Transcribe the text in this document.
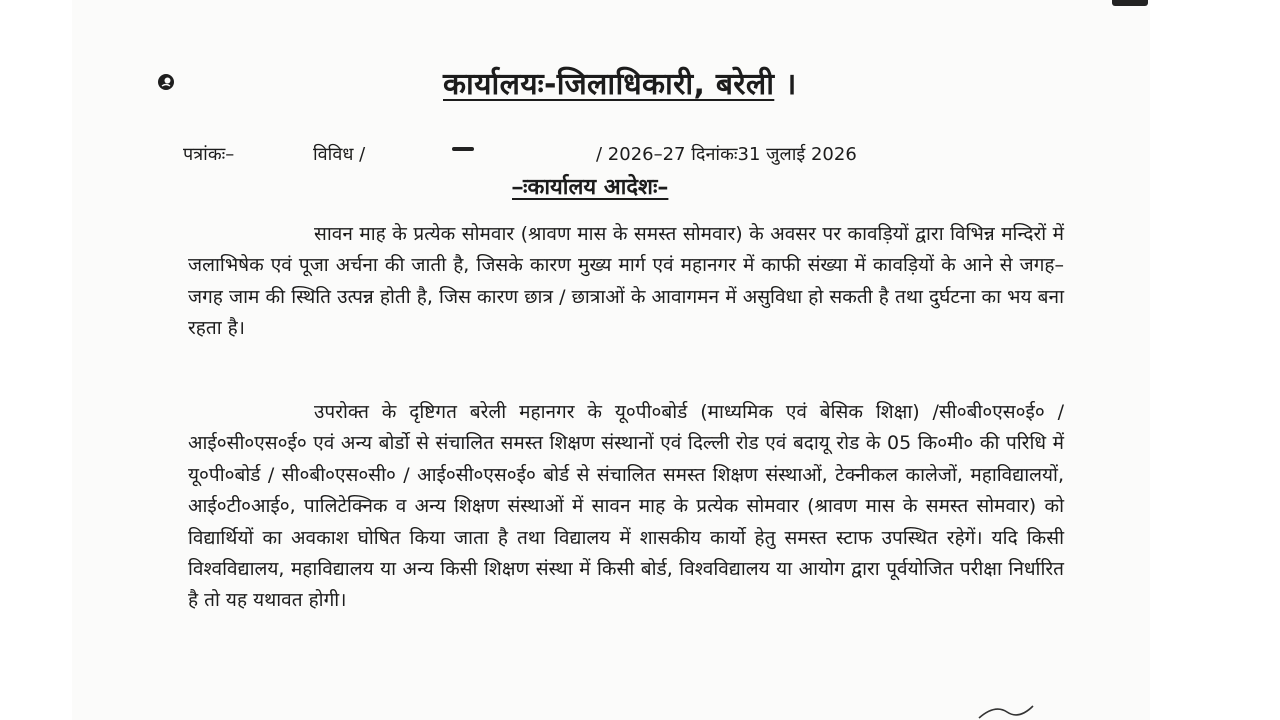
कार्यालयः-जिलाधिकारी, बरेली ।
पत्रांकः–	विविध /	/ 2026–27 दिनांकः31 जुलाई 2026
–ःकार्यालय आदेशः–

सावन माह के प्रत्येक सोमवार (श्रावण मास के समस्त सोमवार) के अवसर पर कावड़ियों द्वारा विभिन्न मन्दिरों में जलाभिषेक एवं पूजा अर्चना की जाती है, जिसके कारण मुख्य मार्ग एवं महानगर में काफी संख्या में कावड़ियों के आने से जगह–जगह जाम की स्थिति उत्पन्न होती है, जिस कारण छात्र / छात्राओं के आवागमन में असुविधा हो सकती है तथा दुर्घटना का भय बना रहता है।

उपरोक्त के दृष्टिगत बरेली महानगर के यू०पी०बोर्ड (माध्यमिक एवं बेसिक शिक्षा) /सी०बी०एस०ई० / आई०सी०एस०ई० एवं अन्य बोर्डो से संचालित समस्त शिक्षण संस्थानों एवं दिल्ली रोड एवं बदायू रोड के 05 कि०मी० की परिधि में यू०पी०बोर्ड / सी०बी०एस०सी० / आई०सी०एस०ई० बोर्ड से संचालित समस्त शिक्षण संस्थाओं, टेक्नीकल कालेजों, महाविद्यालयों, आई०टी०आई०, पालिटेक्निक व अन्य शिक्षण संस्थाओं में सावन माह के प्रत्येक सोमवार (श्रावण मास के समस्त सोमवार) को विद्यार्थियों का अवकाश घोषित किया जाता है तथा विद्यालय में शासकीय कार्यो हेतु समस्त स्टाफ उपस्थित रहेगें। यदि किसी विश्वविद्यालय, महाविद्यालय या अन्य किसी शिक्षण संस्था में किसी बोर्ड, विश्वविद्यालय या आयोग द्वारा पूर्वयोजित परीक्षा निर्धारित है तो यह यथावत होगी।
